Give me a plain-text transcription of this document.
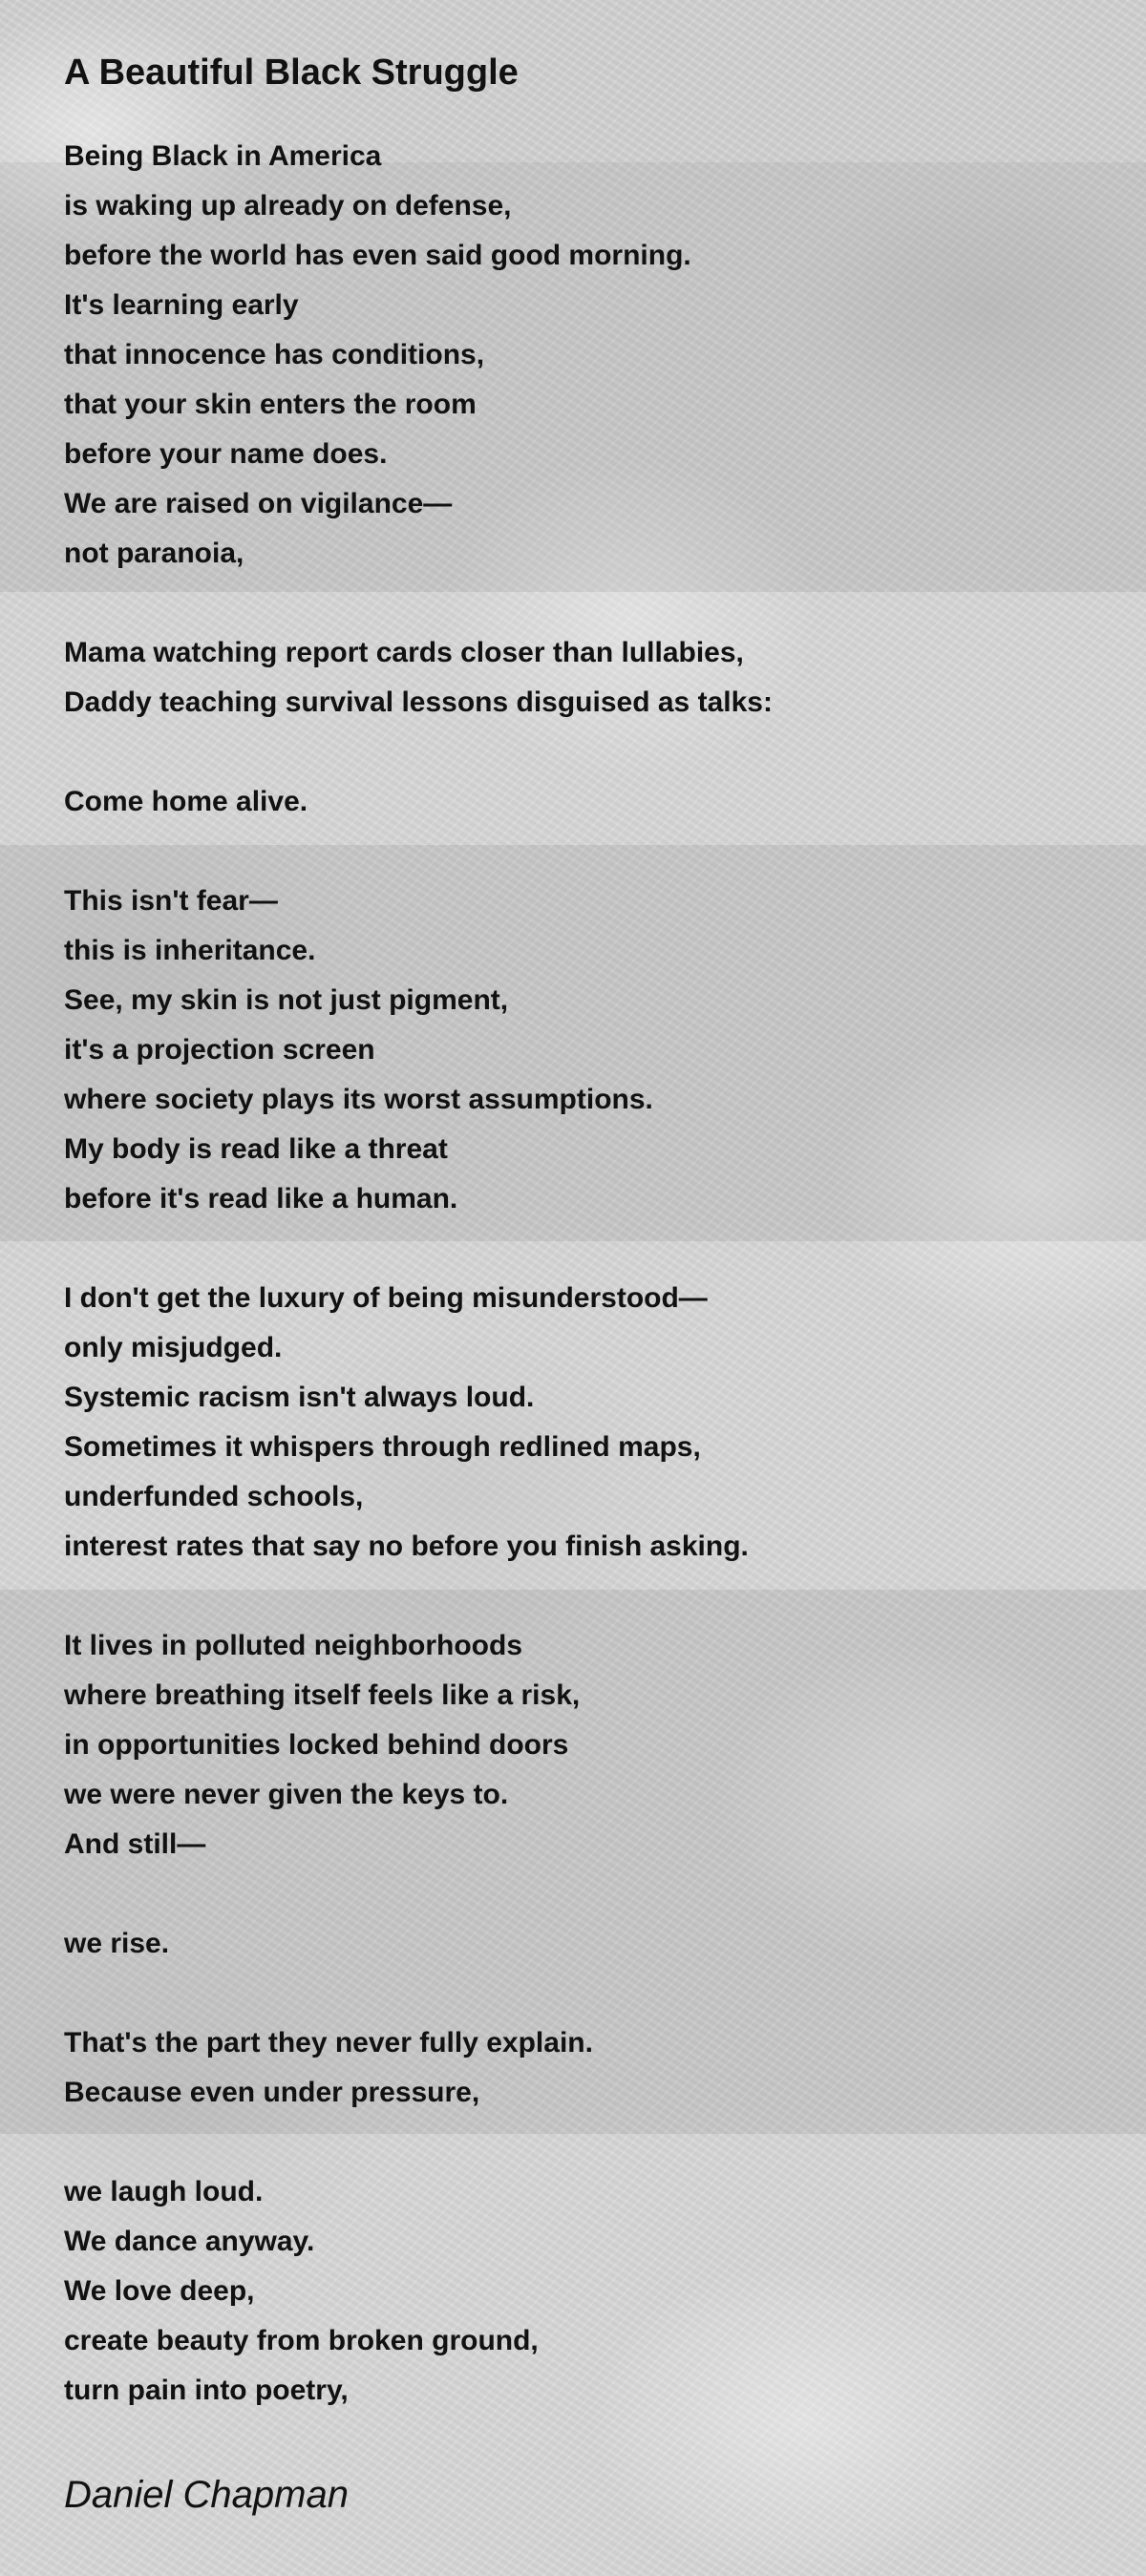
A Beautiful Black Struggle
Being Black in America
is waking up already on defense,
before the world has even said good morning.
It's learning early
that innocence has conditions,
that your skin enters the room
before your name does.
We are raised on vigilance—
not paranoia,
Mama watching report cards closer than lullabies,
Daddy teaching survival lessons disguised as talks:
Come home alive.
This isn't fear—
this is inheritance.
See, my skin is not just pigment,
it's a projection screen
where society plays its worst assumptions.
My body is read like a threat
before it's read like a human.
I don't get the luxury of being misunderstood—
only misjudged.
Systemic racism isn't always loud.
Sometimes it whispers through redlined maps,
underfunded schools,
interest rates that say no before you finish asking.
It lives in polluted neighborhoods
where breathing itself feels like a risk,
in opportunities locked behind doors
we were never given the keys to.
And still—
we rise.
That's the part they never fully explain.
Because even under pressure,
we laugh loud.
We dance anyway.
We love deep,
create beauty from broken ground,
turn pain into poetry,
Daniel Chapman
